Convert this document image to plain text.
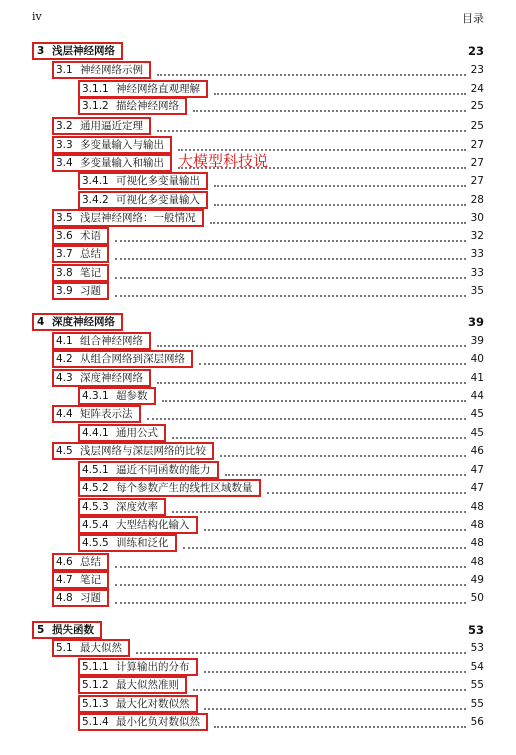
iv	目录
3 浅层神经网络	23
3.1 神经网络示例	23
3.1.1 神经网络直观理解	24
3.1.2 描绘神经网络	25
3.2 通用逼近定理	25
3.3 多变量输入与输出	27
3.4 多变量输入和输出	27
3.4.1 可视化多变量输出	27
3.4.2 可视化多变量输入	28
3.5 浅层神经网络：一般情况	30
3.6 术语	32
3.7 总结	33
3.8 笔记	33
3.9 习题	35
4 深度神经网络	39
4.1 组合神经网络	39
4.2 从组合网络到深层网络	40
4.3 深度神经网络	41
4.3.1 超参数	44
4.4 矩阵表示法	45
4.4.1 通用公式	45
4.5 浅层网络与深层网络的比较	46
4.5.1 逼近不同函数的能力	47
4.5.2 每个参数产生的线性区域数量	47
4.5.3 深度效率	48
4.5.4 大型结构化输入	48
4.5.5 训练和泛化	48
4.6 总结	48
4.7 笔记	49
4.8 习题	50
5 损失函数	53
5.1 最大似然	53
5.1.1 计算输出的分布	54
5.1.2 最大似然准则	55
5.1.3 最大化对数似然	55
5.1.4 最小化负对数似然	56
大模型科技说
